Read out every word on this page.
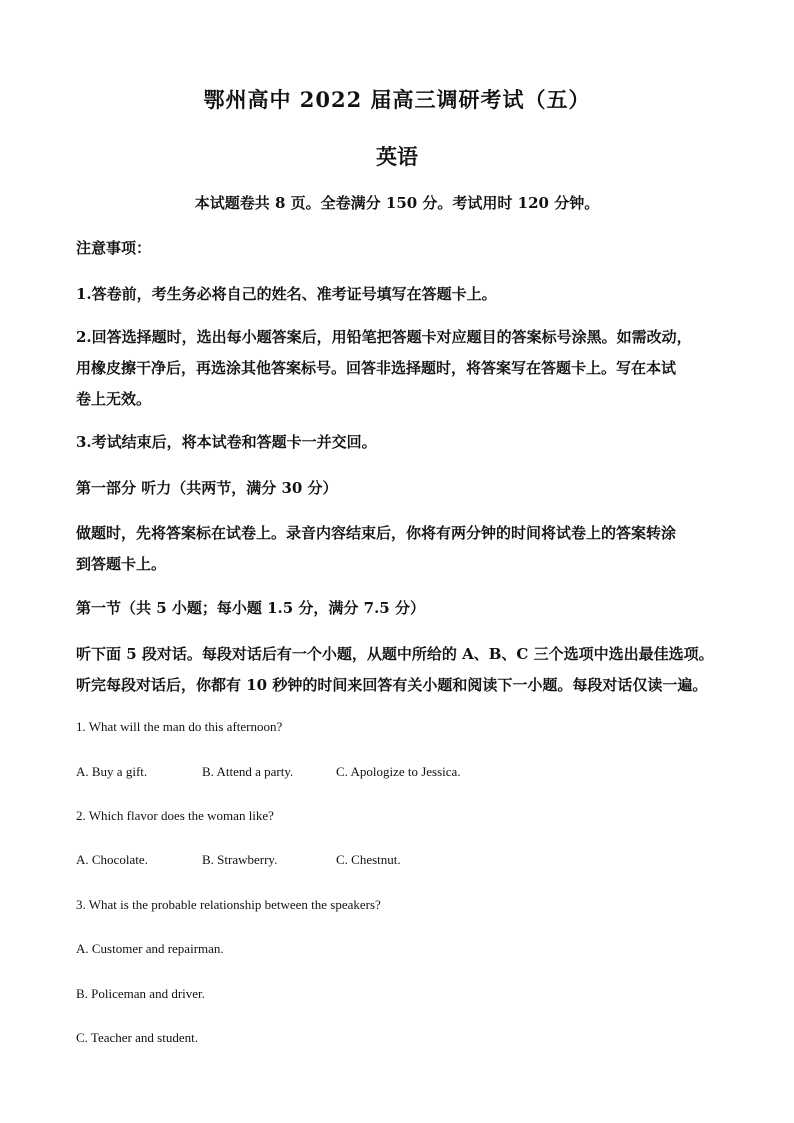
鄂州高中 2022 届高三调研考试（五）
英语
本试题卷共 8 页。全卷满分 150 分。考试用时 120 分钟。
注意事项：
1.答卷前，考生务必将自己的姓名、准考证号填写在答题卡上。
2.回答选择题时，选出每小题答案后，用铅笔把答题卡对应题目的答案标号涂黑。如需改动，
用橡皮擦干净后，再选涂其他答案标号。回答非选择题时，将答案写在答题卡上。写在本试
卷上无效。
3.考试结束后，将本试卷和答题卡一并交回。
第一部分 听力（共两节，满分 30 分）
做题时，先将答案标在试卷上。录音内容结束后，你将有两分钟的时间将试卷上的答案转涂
到答题卡上。
第一节（共 5 小题；每小题 1.5 分，满分 7.5 分）
听下面 5 段对话。每段对话后有一个小题，从题中所给的 A、B、C 三个选项中选出最佳选项。
听完每段对话后，你都有 10 秒钟的时间来回答有关小题和阅读下一小题。每段对话仅读一遍。
1. What will the man do this afternoon?
A. Buy a gift.	B. Attend a party.	C. Apologize to Jessica.
2. Which flavor does the woman like?
A. Chocolate.	B. Strawberry.	C. Chestnut.
3. What is the probable relationship between the speakers?
A. Customer and repairman.
B. Policeman and driver.
C. Teacher and student.
